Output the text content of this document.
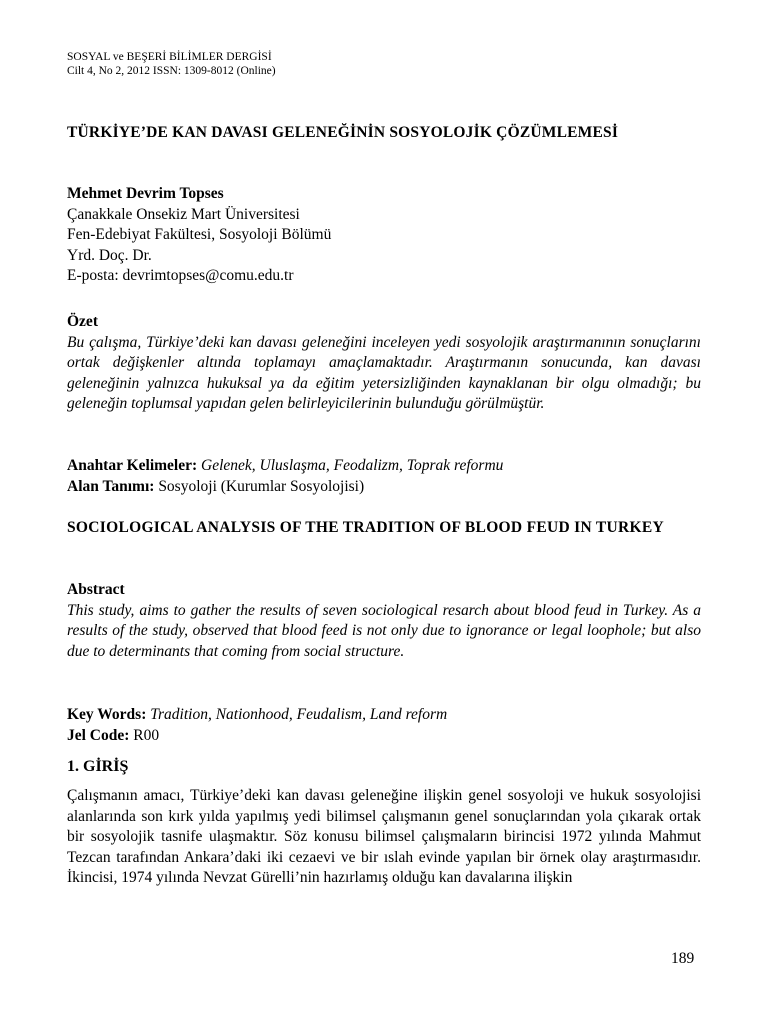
SOSYAL ve BEŞERİ BİLİMLER DERGİSİ
Cilt 4, No 2, 2012 ISSN: 1309-8012 (Online)
TÜRKİYE’DE KAN DAVASI GELENEĞİNİN SOSYOLOJİK ÇÖZÜMLEMESİ
Mehmet Devrim Topses
Çanakkale Onsekiz Mart Üniversitesi
Fen-Edebiyat Fakültesi, Sosyoloji Bölümü
Yrd. Doç. Dr.
E-posta: devrimtopses@comu.edu.tr
Özet
Bu çalışma, Türkiye’deki kan davası geleneğini inceleyen yedi sosyolojik araştırmanının sonuçlarını ortak değişkenler altında toplamayı amaçlamaktadır. Araştırmanın sonucunda, kan davası geleneğinin yalnızca hukuksal ya da eğitim yetersizliğinden kaynaklanan bir olgu olmadığı; bu geleneğin toplumsal yapıdan gelen belirleyicilerinin bulunduğu görülmüştür.
Anahtar Kelimeler: Gelenek, Uluslaşma, Feodalizm, Toprak reformu
Alan Tanımı: Sosyoloji (Kurumlar Sosyolojisi)
SOCIOLOGICAL ANALYSIS OF THE TRADITION OF BLOOD FEUD IN TURKEY
Abstract
This study, aims to gather the results of seven sociological resarch about blood feud in Turkey. As a results of the study, observed that blood feed is not only due to ignorance or legal loophole; but also due to determinants that coming from social structure.
Key Words: Tradition, Nationhood, Feudalism, Land reform
Jel Code: R00
1. GİRİŞ
Çalışmanın amacı, Türkiye’deki kan davası geleneğine ilişkin genel sosyoloji ve hukuk sosyolojisi alanlarında son kırk yılda yapılmış yedi bilimsel çalışmanın genel sonuçlarından yola çıkarak ortak bir sosyolojik tasnife ulaşmaktır. Söz konusu bilimsel çalışmaların birincisi 1972 yılında Mahmut Tezcan tarafından Ankara’daki iki cezaevi ve bir ıslah evinde yapılan bir örnek olay araştırmasıdır. İkincisi, 1974 yılında Nevzat Gürelli’nin hazırlamış olduğu kan davalarına ilişkin
189
